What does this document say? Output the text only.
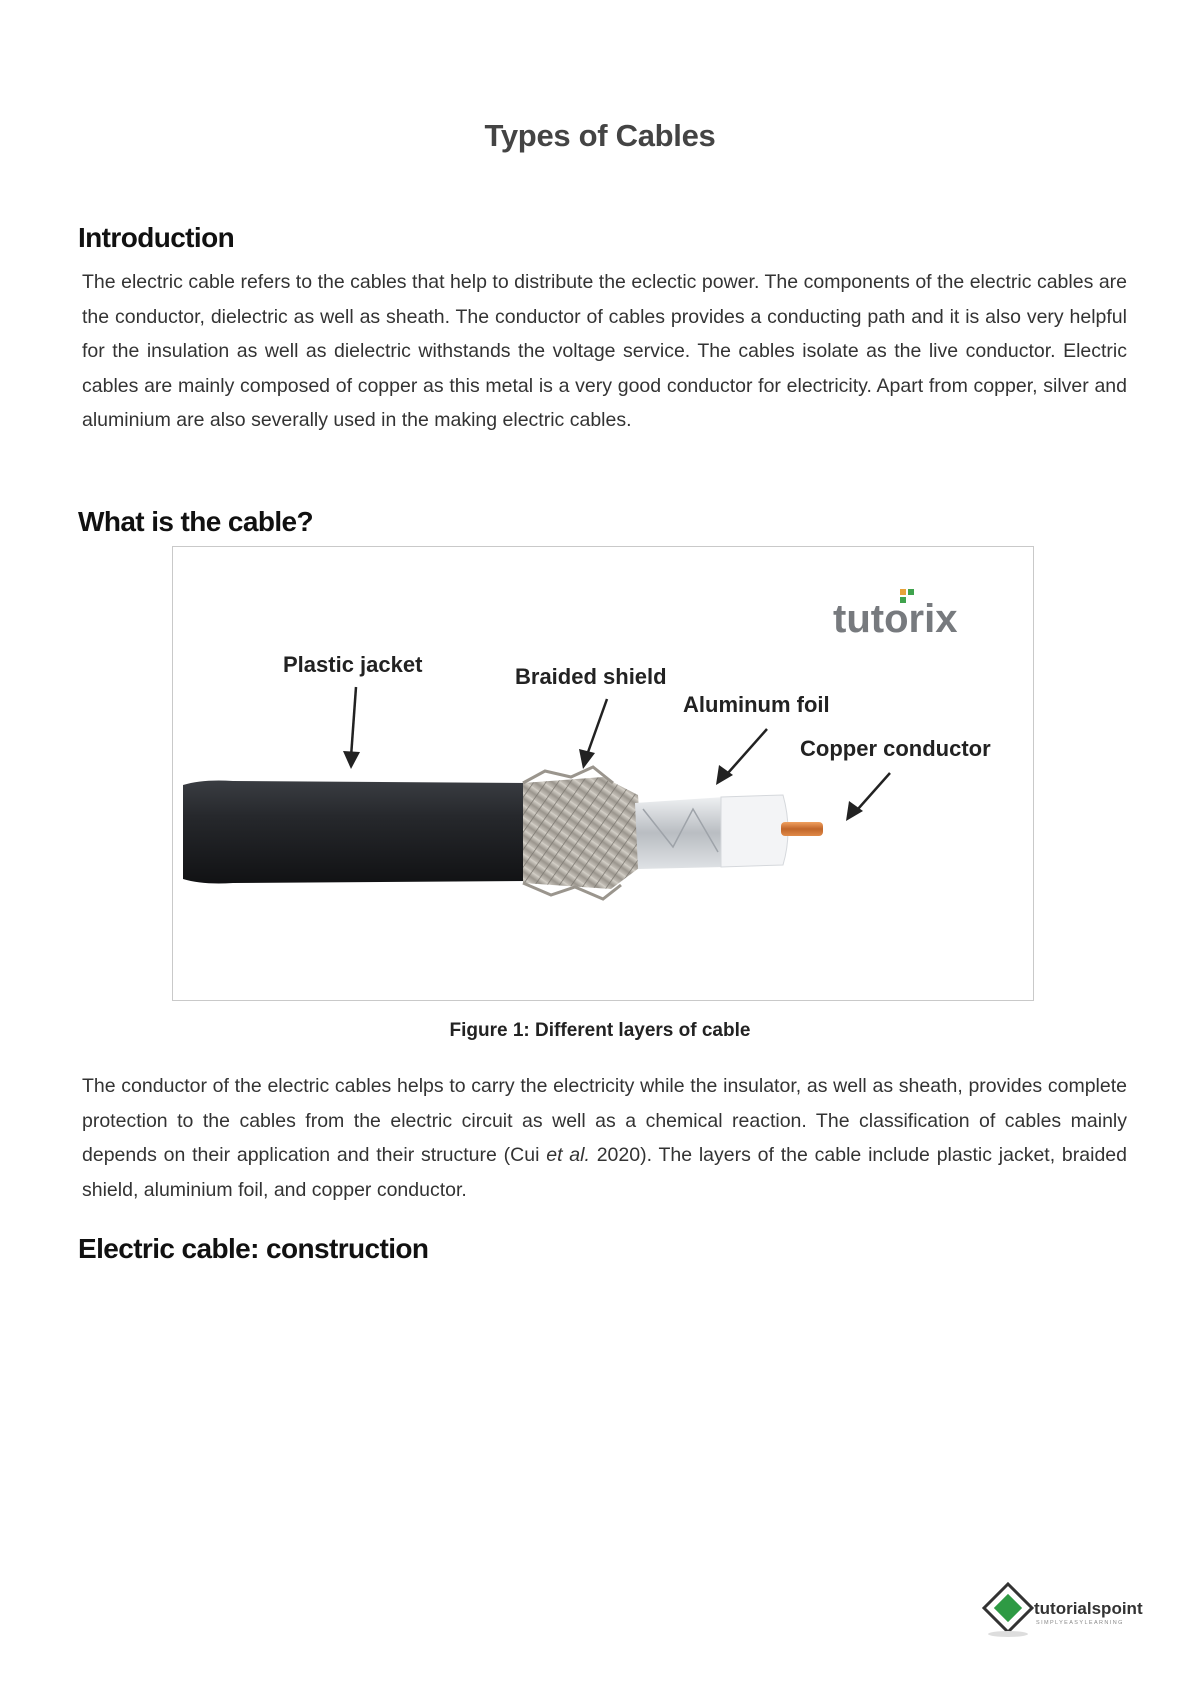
Types of Cables
Introduction
The electric cable refers to the cables that help to distribute the eclectic power. The components of the electric cables are the conductor, dielectric as well as sheath. The conductor of cables provides a conducting path and it is also very helpful for the insulation as well as dielectric withstands the voltage service. The cables isolate as the live conductor. Electric cables are mainly composed of copper as this metal is a very good conductor for electricity. Apart from copper, silver and aluminium are also severally used in the making electric cables.
What is the cable?
tutorix
Plastic jacket	Braided shield
Aluminum foil
Copper conductor
Figure 1: Different layers of cable
The conductor of the electric cables helps to carry the electricity while the insulator, as well as sheath, provides complete protection to the cables from the electric circuit as well as a chemical reaction. The classification of cables mainly depends on their application and their structure (Cui et al. 2020). The layers of the cable include plastic jacket, braided shield, aluminium foil, and copper conductor.
Electric cable: construction
tutorialspoint
SIMPLYEASYLEARNING
